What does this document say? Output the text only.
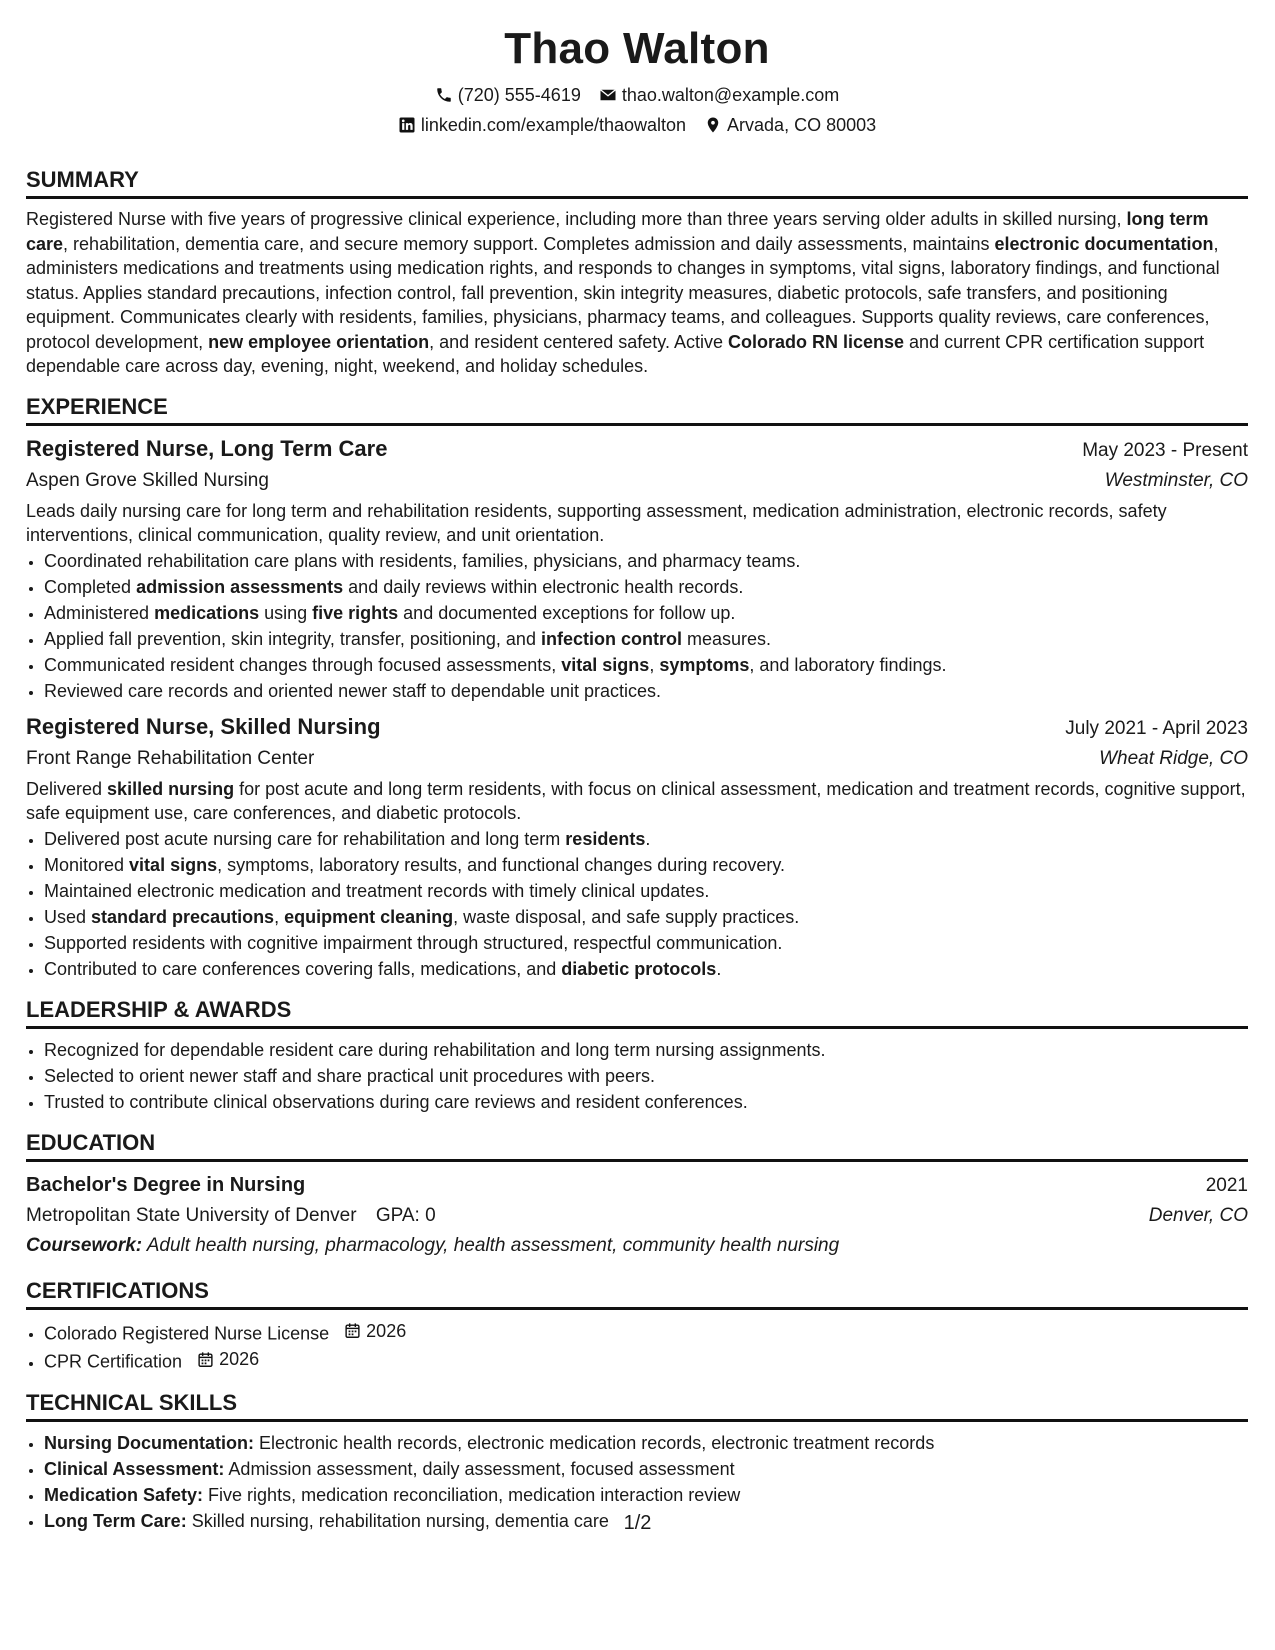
Thao Walton
(720) 555-4619 thao.walton@example.com
linkedin.com/example/thaowalton Arvada, CO 80003
SUMMARY

Registered Nurse with five years of progressive clinical experience, including more than three years serving older adults in skilled nursing, long term care, rehabilitation, dementia care, and secure memory support. Completes admission and daily assessments, maintains electronic documentation, administers medications and treatments using medication rights, and responds to changes in symptoms, vital signs, laboratory findings, and functional status. Applies standard precautions, infection control, fall prevention, skin integrity measures, diabetic protocols, safe transfers, and positioning equipment. Communicates clearly with residents, families, physicians, pharmacy teams, and colleagues. Supports quality reviews, care conferences, protocol development, new employee orientation, and resident centered safety. Active Colorado RN license and current CPR certification support dependable care across day, evening, night, weekend, and holiday schedules.

EXPERIENCE
Registered Nurse, Long Term Care	May 2023 - Present
Aspen Grove Skilled Nursing	Westminster, CO

Leads daily nursing care for long term and rehabilitation residents, supporting assessment, medication administration, electronic records, safety interventions, clinical communication, quality review, and unit orientation.

• Coordinated rehabilitation care plans with residents, families, physicians, and pharmacy teams.
• Completed admission assessments and daily reviews within electronic health records.
• Administered medications using five rights and documented exceptions for follow up.
• Applied fall prevention, skin integrity, transfer, positioning, and infection control measures.
• Communicated resident changes through focused assessments, vital signs, symptoms, and laboratory findings.
• Reviewed care records and oriented newer staff to dependable unit practices.
Registered Nurse, Skilled Nursing	July 2021 - April 2023
Front Range Rehabilitation Center	Wheat Ridge, CO

Delivered skilled nursing for post acute and long term residents, with focus on clinical assessment, medication and treatment records, cognitive support, safe equipment use, care conferences, and diabetic protocols.

• Delivered post acute nursing care for rehabilitation and long term residents.
• Monitored vital signs, symptoms, laboratory results, and functional changes during recovery.
• Maintained electronic medication and treatment records with timely clinical updates.
• Used standard precautions, equipment cleaning, waste disposal, and safe supply practices.
• Supported residents with cognitive impairment through structured, respectful communication.
• Contributed to care conferences covering falls, medications, and diabetic protocols.
LEADERSHIP & AWARDS
• Recognized for dependable resident care during rehabilitation and long term nursing assignments.
• Selected to orient newer staff and share practical unit procedures with peers.
• Trusted to contribute clinical observations during care reviews and resident conferences.
EDUCATION
Bachelor's Degree in Nursing	2021
Metropolitan State University of Denver GPA: 0	Denver, CO
Coursework: Adult health nursing, pharmacology, health assessment, community health nursing
CERTIFICATIONS
• Colorado Registered Nurse License 2026
• CPR Certification 2026
TECHNICAL SKILLS
• Nursing Documentation: Electronic health records, electronic medication records, electronic treatment records
• Clinical Assessment: Admission assessment, daily assessment, focused assessment
• Medication Safety: Five rights, medication reconciliation, medication interaction review
• Long Term Care: Skilled nursing, rehabilitation nursing, dementia care 1/2
